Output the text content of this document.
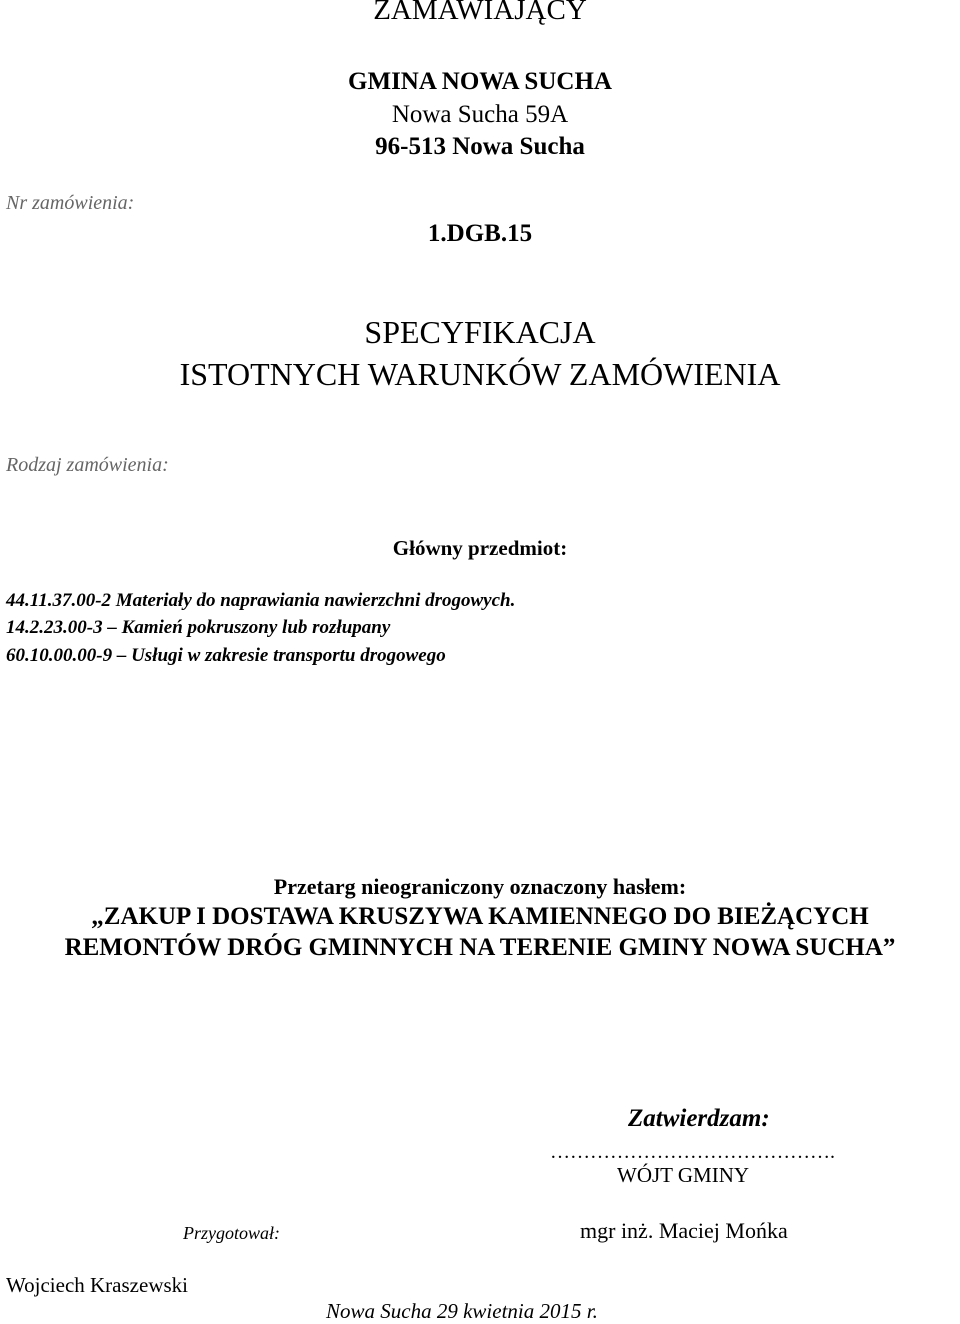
ZAMAWIAJĄCY
GMINA NOWA SUCHA
Nowa Sucha 59A
96-513 Nowa Sucha
Nr zamówienia:
1.DGB.15
SPECYFIKACJA
ISTOTNYCH WARUNKÓW ZAMÓWIENIA
Rodzaj zamówienia:
Główny przedmiot:
44.11.37.00-2 Materiały do naprawiania nawierzchni drogowych.
14.2.23.00-3 – Kamień pokruszony lub rozłupany
60.10.00.00-9 – Usługi w zakresie transportu drogowego
Przetarg nieograniczony oznaczony hasłem:
„ZAKUP I DOSTAWA KRUSZYWA KAMIENNEGO DO BIEŻĄCYCH
REMONTÓW DRÓG GMINNYCH NA TERENIE GMINY NOWA SUCHA”
Zatwierdzam:
…………………………………….
WÓJT GMINY
Przygotował:	mgr inż. Maciej Mońka
Wojciech Kraszewski
Nowa Sucha 29 kwietnia 2015 r.
